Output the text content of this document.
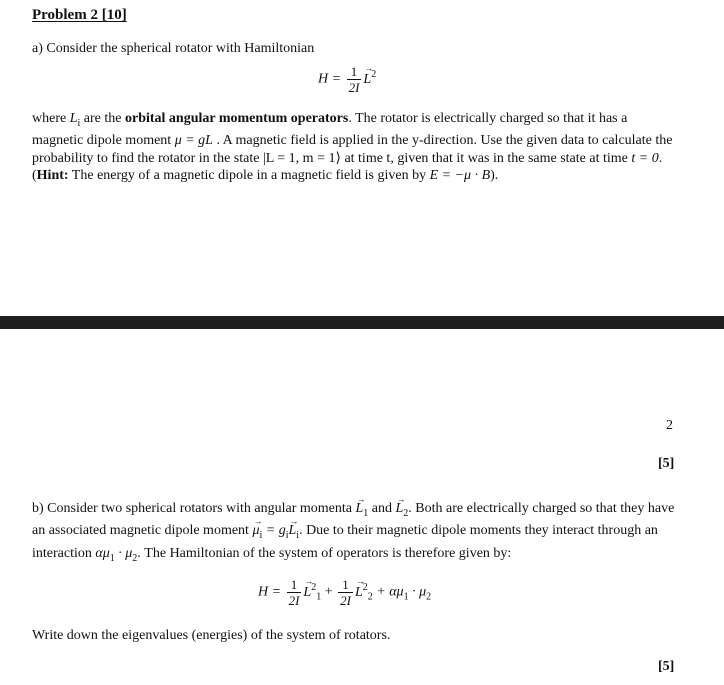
Problem 2 [10]
a) Consider the spherical rotator with Hamiltonian
$H = \frac{1}{2I}$
→ $L^2$
where $L_i$ are the orbital angular momentum operators. The rotator is electrically charged so that it has a magnetic dipole moment μ = gL . A magnetic field is applied in the y-direction. Use the given data to calculate the probability to find the rotator in the state |L = 1, m = 1⟩ at time t, given that it was in the same state at time t = 0. (Hint: The energy of a magnetic dipole in a magnetic field is given by E = −μ · B).
2
[5]
b) Consider two spherical rotators with angular momenta → $L_1$ and → $L_2$. Both are electrically charged so that they have an associated magnetic dipole moment → $\mu_i = g_i\to L_i$. Due to their magnetic dipole moments they interact through an interaction $\alpha\mu_1 \cdot \mu_2$. The Hamiltonian of the system of operators is therefore given by:
$H = \frac{1}{2I}$
→ $L^2_1 + \frac{1}{2I}$
→ $L^2_2 + \alpha\mu_1 \cdot \mu_2$
Write down the eigenvalues (energies) of the system of rotators.
[5]
